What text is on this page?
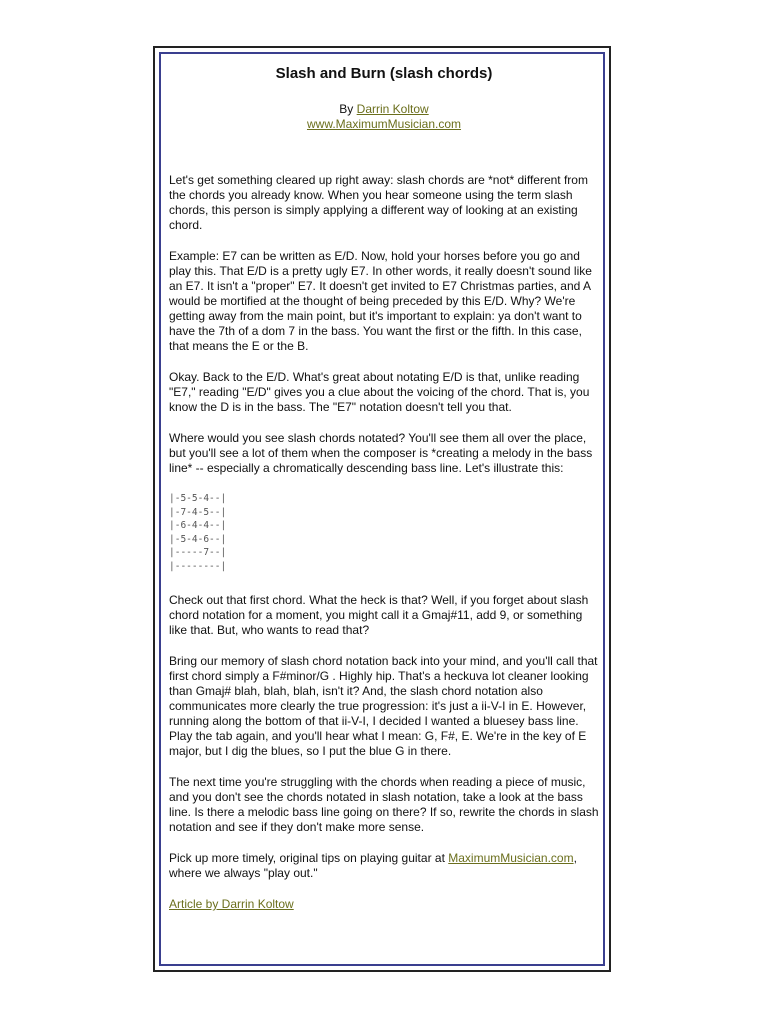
Slash and Burn (slash chords)
By Darrin Koltow
www.MaximumMusician.com

Let's get something cleared up right away: slash chords are *not* different from the chords you already know. When you hear someone using the term slash chords, this person is simply applying a different way of looking at an existing chord.

Example: E7 can be written as E/D. Now, hold your horses before you go and play this. That E/D is a pretty ugly E7. In other words, it really doesn't sound like an E7. It isn't a "proper" E7. It doesn't get invited to E7 Christmas parties, and A would be mortified at the thought of being preceded by this E/D. Why? We're getting away from the main point, but it's important to explain: ya don't want to have the 7th of a dom 7 in the bass. You want the first or the fifth. In this case, that means the E or the B.

Okay. Back to the E/D. What's great about notating E/D is that, unlike reading "E7," reading "E/D" gives you a clue about the voicing of the chord. That is, you know the D is in the bass. The "E7" notation doesn't tell you that.

Where would you see slash chords notated? You'll see them all over the place, but you'll see a lot of them when the composer is *creating a melody in the bass line* -- especially a chromatically descending bass line. Let's illustrate this:

|-5-5-4--|
|-7-4-5--|
|-6-4-4--|
|-5-4-6--|
|-----7--|
|--------|

Check out that first chord. What the heck is that? Well, if you forget about slash chord notation for a moment, you might call it a Gmaj#11, add 9, or something like that. But, who wants to read that?

Bring our memory of slash chord notation back into your mind, and you'll call that first chord simply a F#minor/G . Highly hip. That's a heckuva lot cleaner looking than Gmaj# blah, blah, blah, isn't it? And, the slash chord notation also communicates more clearly the true progression: it's just a ii-V-I in E. However, running along the bottom of that ii-V-I, I decided I wanted a bluesey bass line. Play the tab again, and you'll hear what I mean: G, F#, E. We're in the key of E major, but I dig the blues, so I put the blue G in there.

The next time you're struggling with the chords when reading a piece of music, and you don't see the chords notated in slash notation, take a look at the bass line. Is there a melodic bass line going on there? If so, rewrite the chords in slash notation and see if they don't make more sense.

Pick up more timely, original tips on playing guitar at MaximumMusician.com, where we always "play out."

Article by Darrin Koltow
